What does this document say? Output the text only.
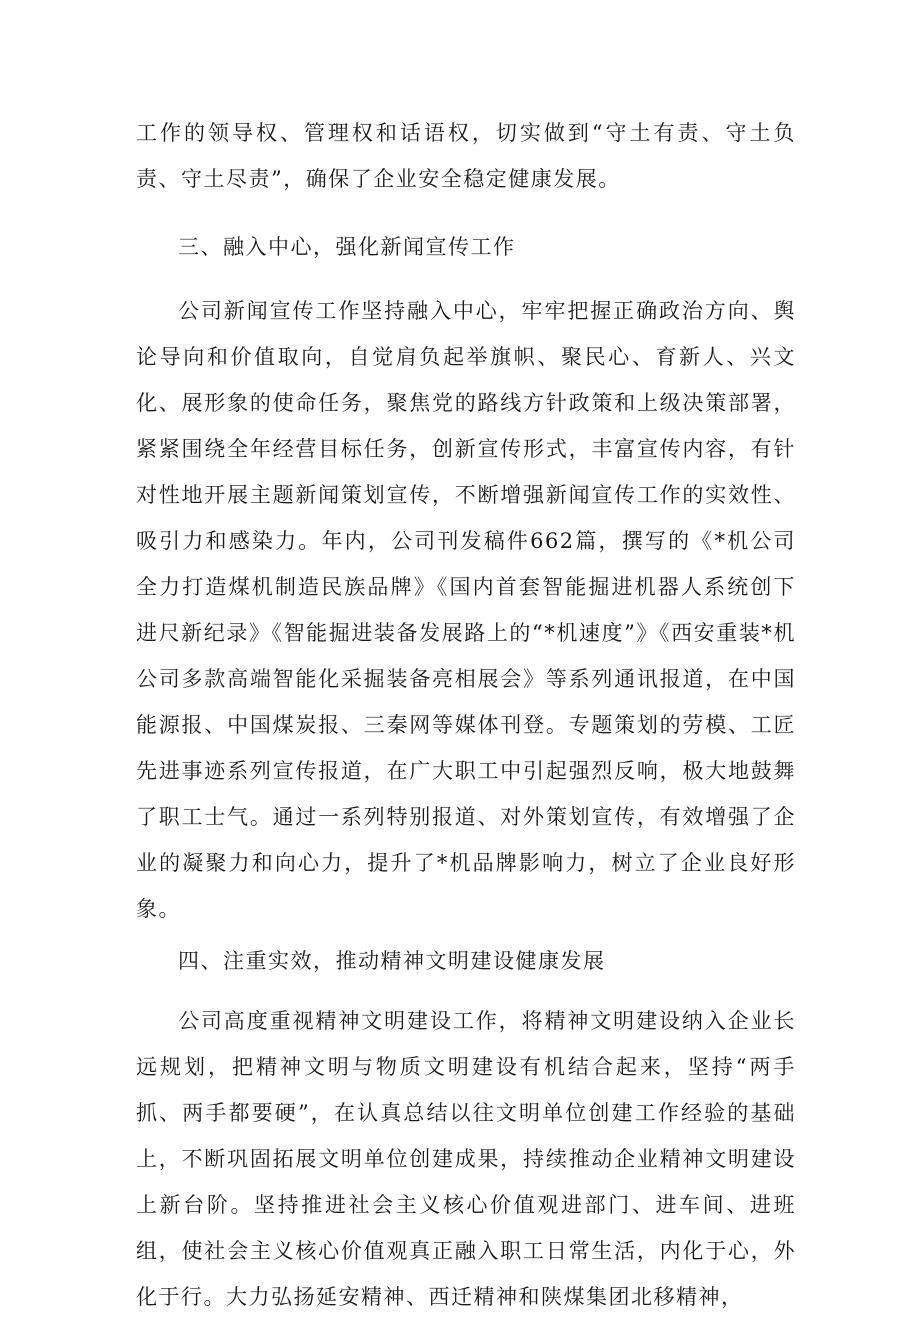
工作的领导权、管理权和话语权，切实做到“守土有责、守土负责、守土尽责”，确保了企业安全稳定健康发展。

三、融入中心，强化新闻宣传工作

公司新闻宣传工作坚持融入中心，牢牢把握正确政治方向、舆论导向和价值取向，自觉肩负起举旗帜、聚民心、育新人、兴文化、展形象的使命任务，聚焦党的路线方针政策和上级决策部署，紧紧围绕全年经营目标任务，创新宣传形式，丰富宣传内容，有针对性地开展主题新闻策划宣传，不断增强新闻宣传工作的实效性、吸引力和感染力。年内，公司刊发稿件662篇，撰写的《*机公司全力打造煤机制造民族品牌》《国内首套智能掘进机器人系统创下进尺新纪录》《智能掘进装备发展路上的“*机速度”》《西安重装*机公司多款高端智能化采掘装备亮相展会》等系列通讯报道，在中国能源报、中国煤炭报、三秦网等媒体刊登。专题策划的劳模、工匠先进事迹系列宣传报道，在广大职工中引起强烈反响，极大地鼓舞了职工士气。通过一系列特别报道、对外策划宣传，有效增强了企业的凝聚力和向心力，提升了*机品牌影响力，树立了企业良好形象。

四、注重实效，推动精神文明建设健康发展

公司高度重视精神文明建设工作，将精神文明建设纳入企业长远规划，把精神文明与物质文明建设有机结合起来，坚持“两手抓、两手都要硬”，在认真总结以往文明单位创建工作经验的基础上，不断巩固拓展文明单位创建成果，持续推动企业精神文明建设上新台阶。坚持推进社会主义核心价值观进部门、进车间、进班组，使社会主义核心价值观真正融入职工日常生活，内化于心，外化于行。大力弘扬延安精神、西迁精神和陕煤集团北移精神，
